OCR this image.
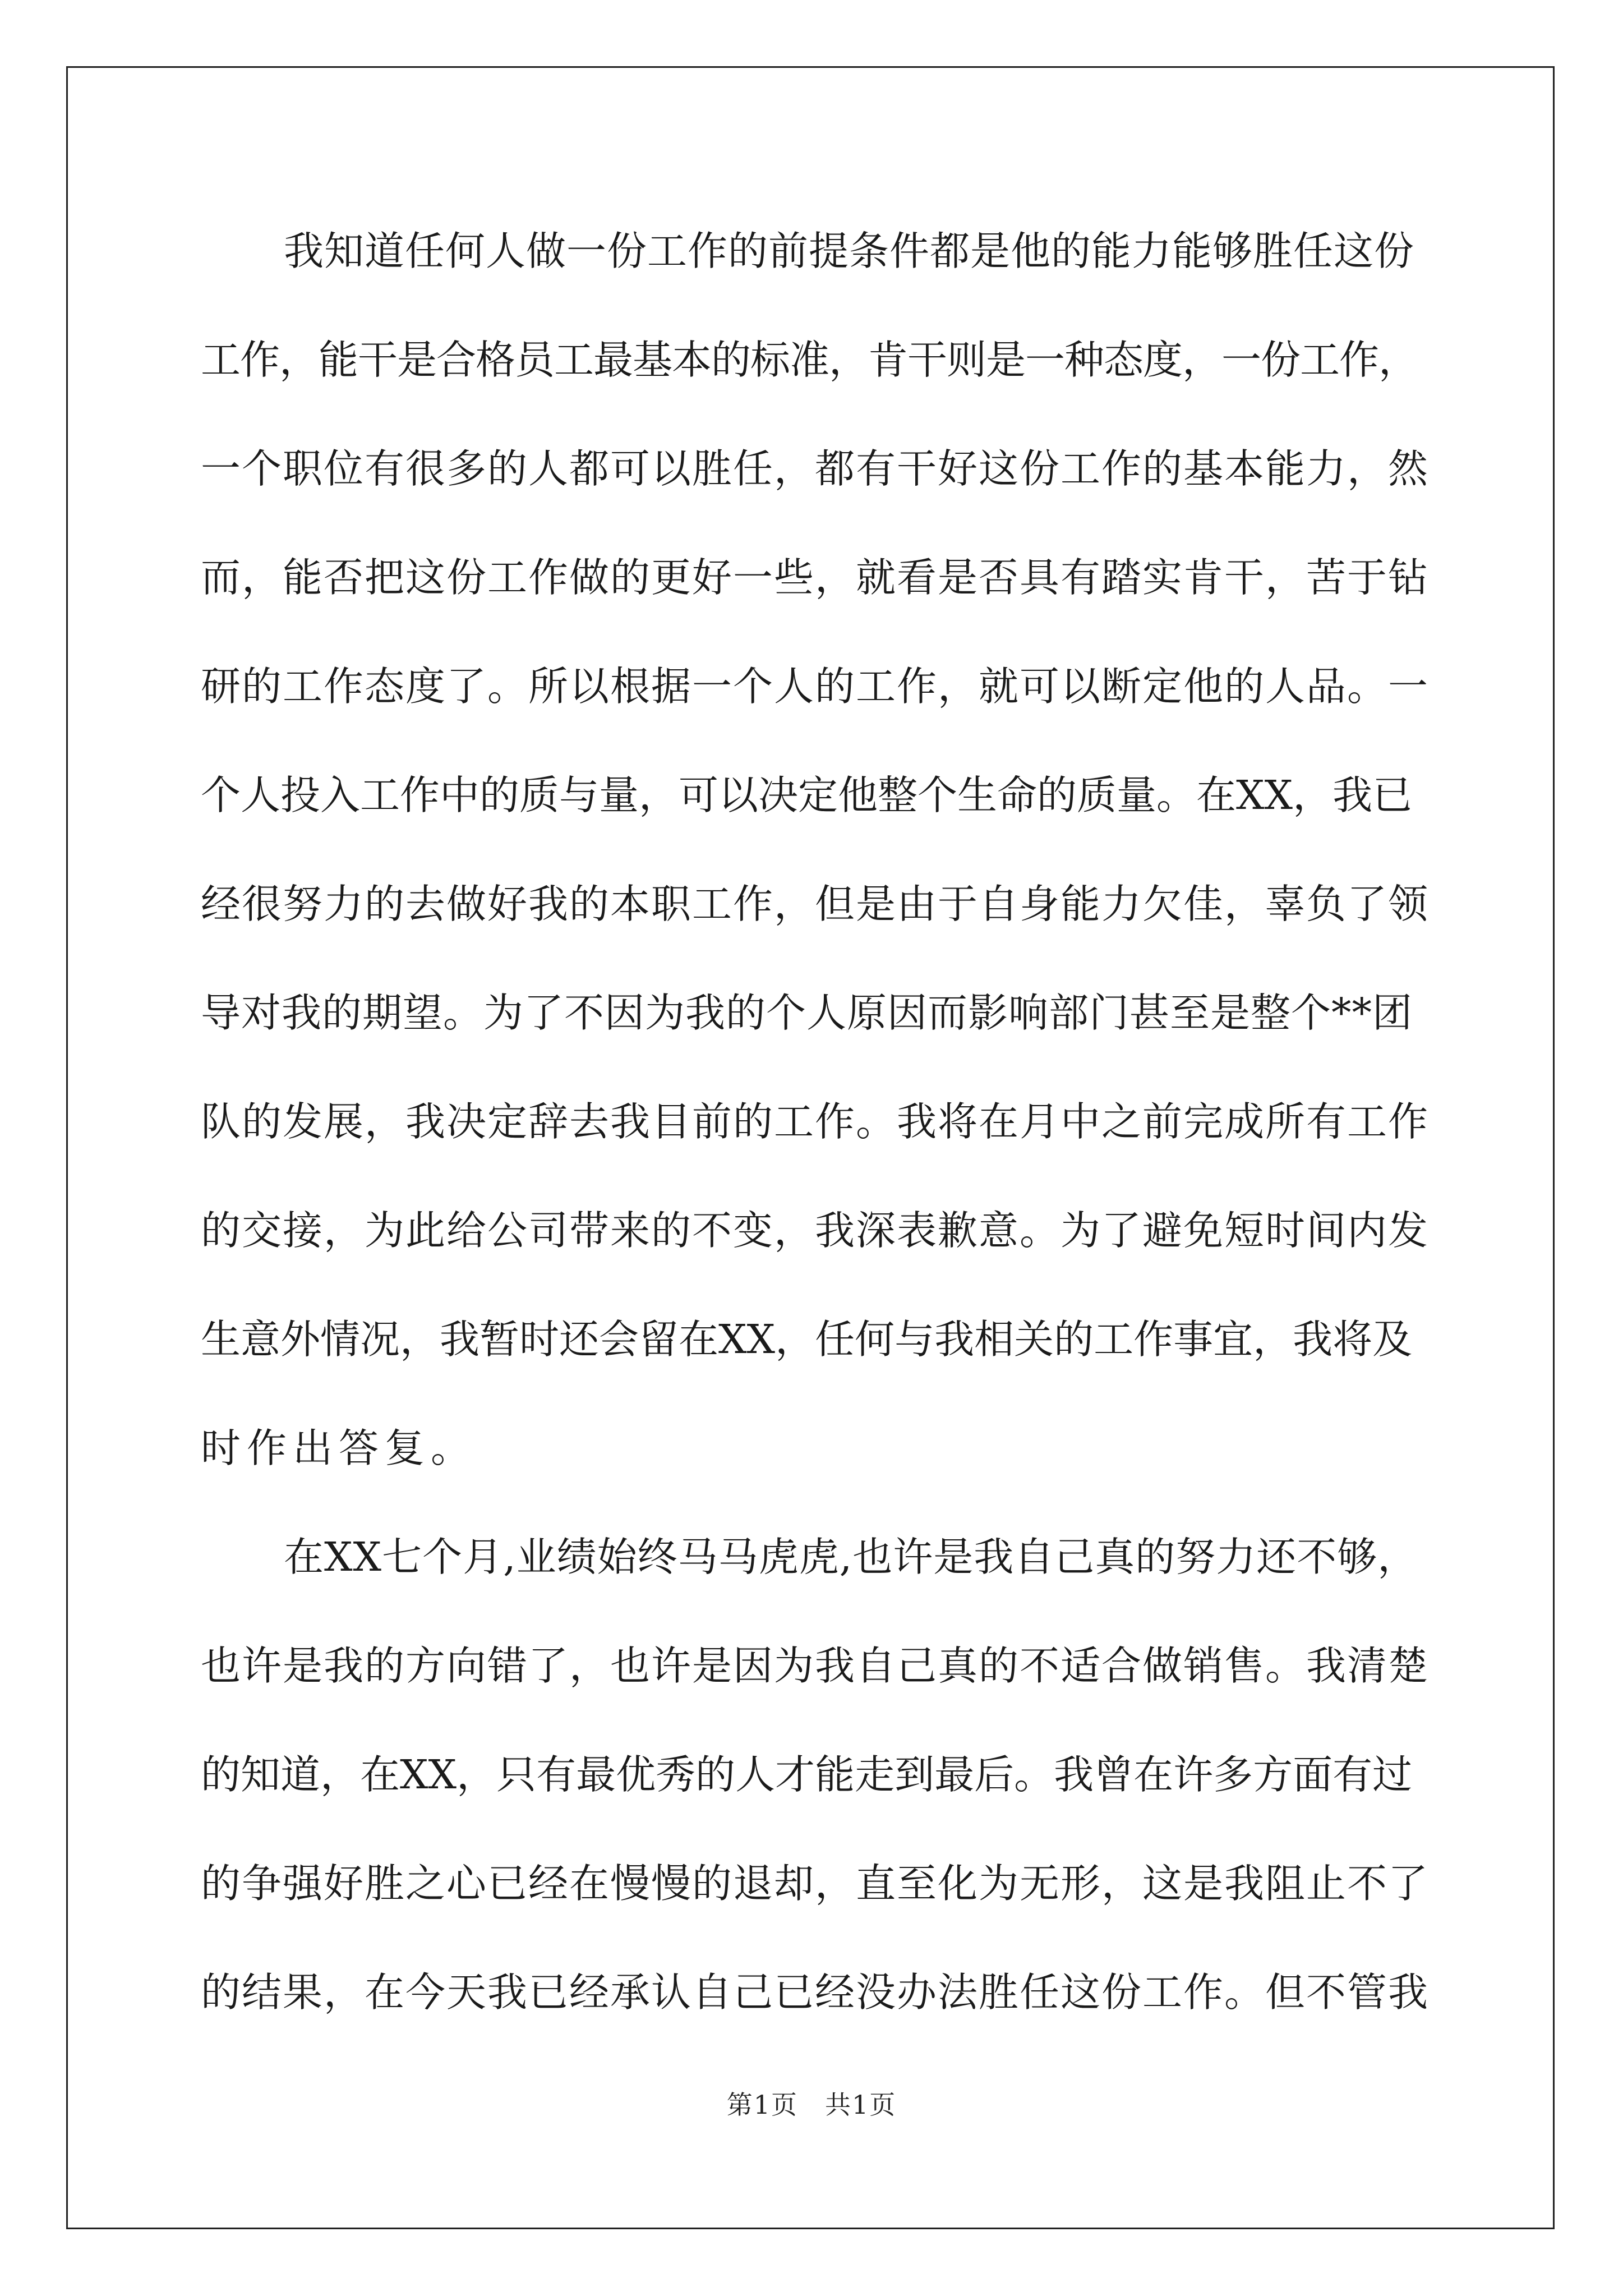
我知道任何人做一份工作的前提条件都是他的能力能够胜任这份
工作，能干是合格员工最基本的标准，肯干则是一种态度，一份工作，
一个职位有很多的人都可以胜任，都有干好这份工作的基本能力，然
而，能否把这份工作做的更好一些，就看是否具有踏实肯干，苦于钻
研的工作态度了。所以根据一个人的工作，就可以断定他的人品。一
个人投入工作中的质与量，可以决定他整个生命的质量。在XX，我已
经很努力的去做好我的本职工作，但是由于自身能力欠佳，辜负了领
导对我的期望。为了不因为我的个人原因而影响部门甚至是整个**团
队的发展，我决定辞去我目前的工作。我将在月中之前完成所有工作
的交接，为此给公司带来的不变，我深表歉意。为了避免短时间内发
生意外情况，我暂时还会留在XX，任何与我相关的工作事宜，我将及
时作出答复。
在XX七个月,业绩始终马马虎虎,也许是我自己真的努力还不够，
也许是我的方向错了，也许是因为我自己真的不适合做销售。我清楚
的知道，在XX，只有最优秀的人才能走到最后。我曾在许多方面有过
的争强好胜之心已经在慢慢的退却，直至化为无形，这是我阻止不了
的结果，在今天我已经承认自己已经没办法胜任这份工作。但不管我
第1页　共1页
